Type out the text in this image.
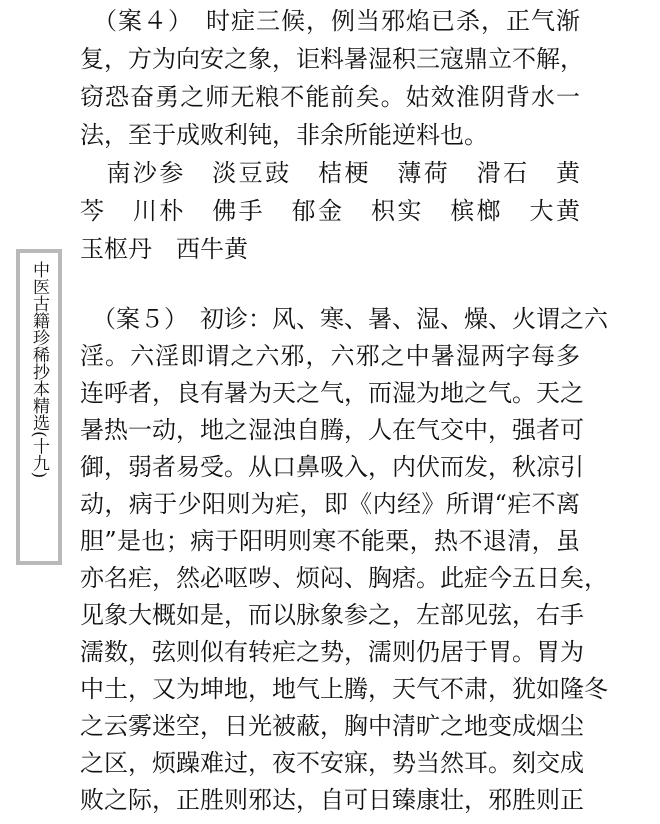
中医古籍珍稀抄本精选(十九)
　（案４）　时症三候，例当邪焰已杀，正气渐
复，方为向安之象，讵料暑湿积三寇鼎立不解，
窃恐奋勇之师无粮不能前矣。姑效淮阴背水一
法，至于成败利钝，非余所能逆料也。
　南沙参　淡豆豉　桔梗　薄荷　滑石　黄
芩　川朴　佛手　郁金　枳实　槟榔　大黄
玉枢丹　西牛黄
　（案５）　初诊：风、寒、暑、湿、燥、火谓之六
淫。六淫即谓之六邪，六邪之中暑湿两字每多
连呼者，良有暑为天之气，而湿为地之气。天之
暑热一动，地之湿浊自腾，人在气交中，强者可
御，弱者易受。从口鼻吸入，内伏而发，秋凉引
动，病于少阳则为疟，即《内经》所谓“疟不离
胆”是也；病于阳明则寒不能栗，热不退清，虽
亦名疟，然必呕哕、烦闷、胸痞。此症今五日矣，
见象大概如是，而以脉象参之，左部见弦，右手
濡数，弦则似有转疟之势，濡则仍居于胃。胃为
中土，又为坤地，地气上腾，天气不肃，犹如隆冬
之云雾迷空，日光被蔽，胸中清旷之地变成烟尘
之区，烦躁难过，夜不安寐，势当然耳。刻交成
败之际，正胜则邪达，自可日臻康壮，邪胜则正
